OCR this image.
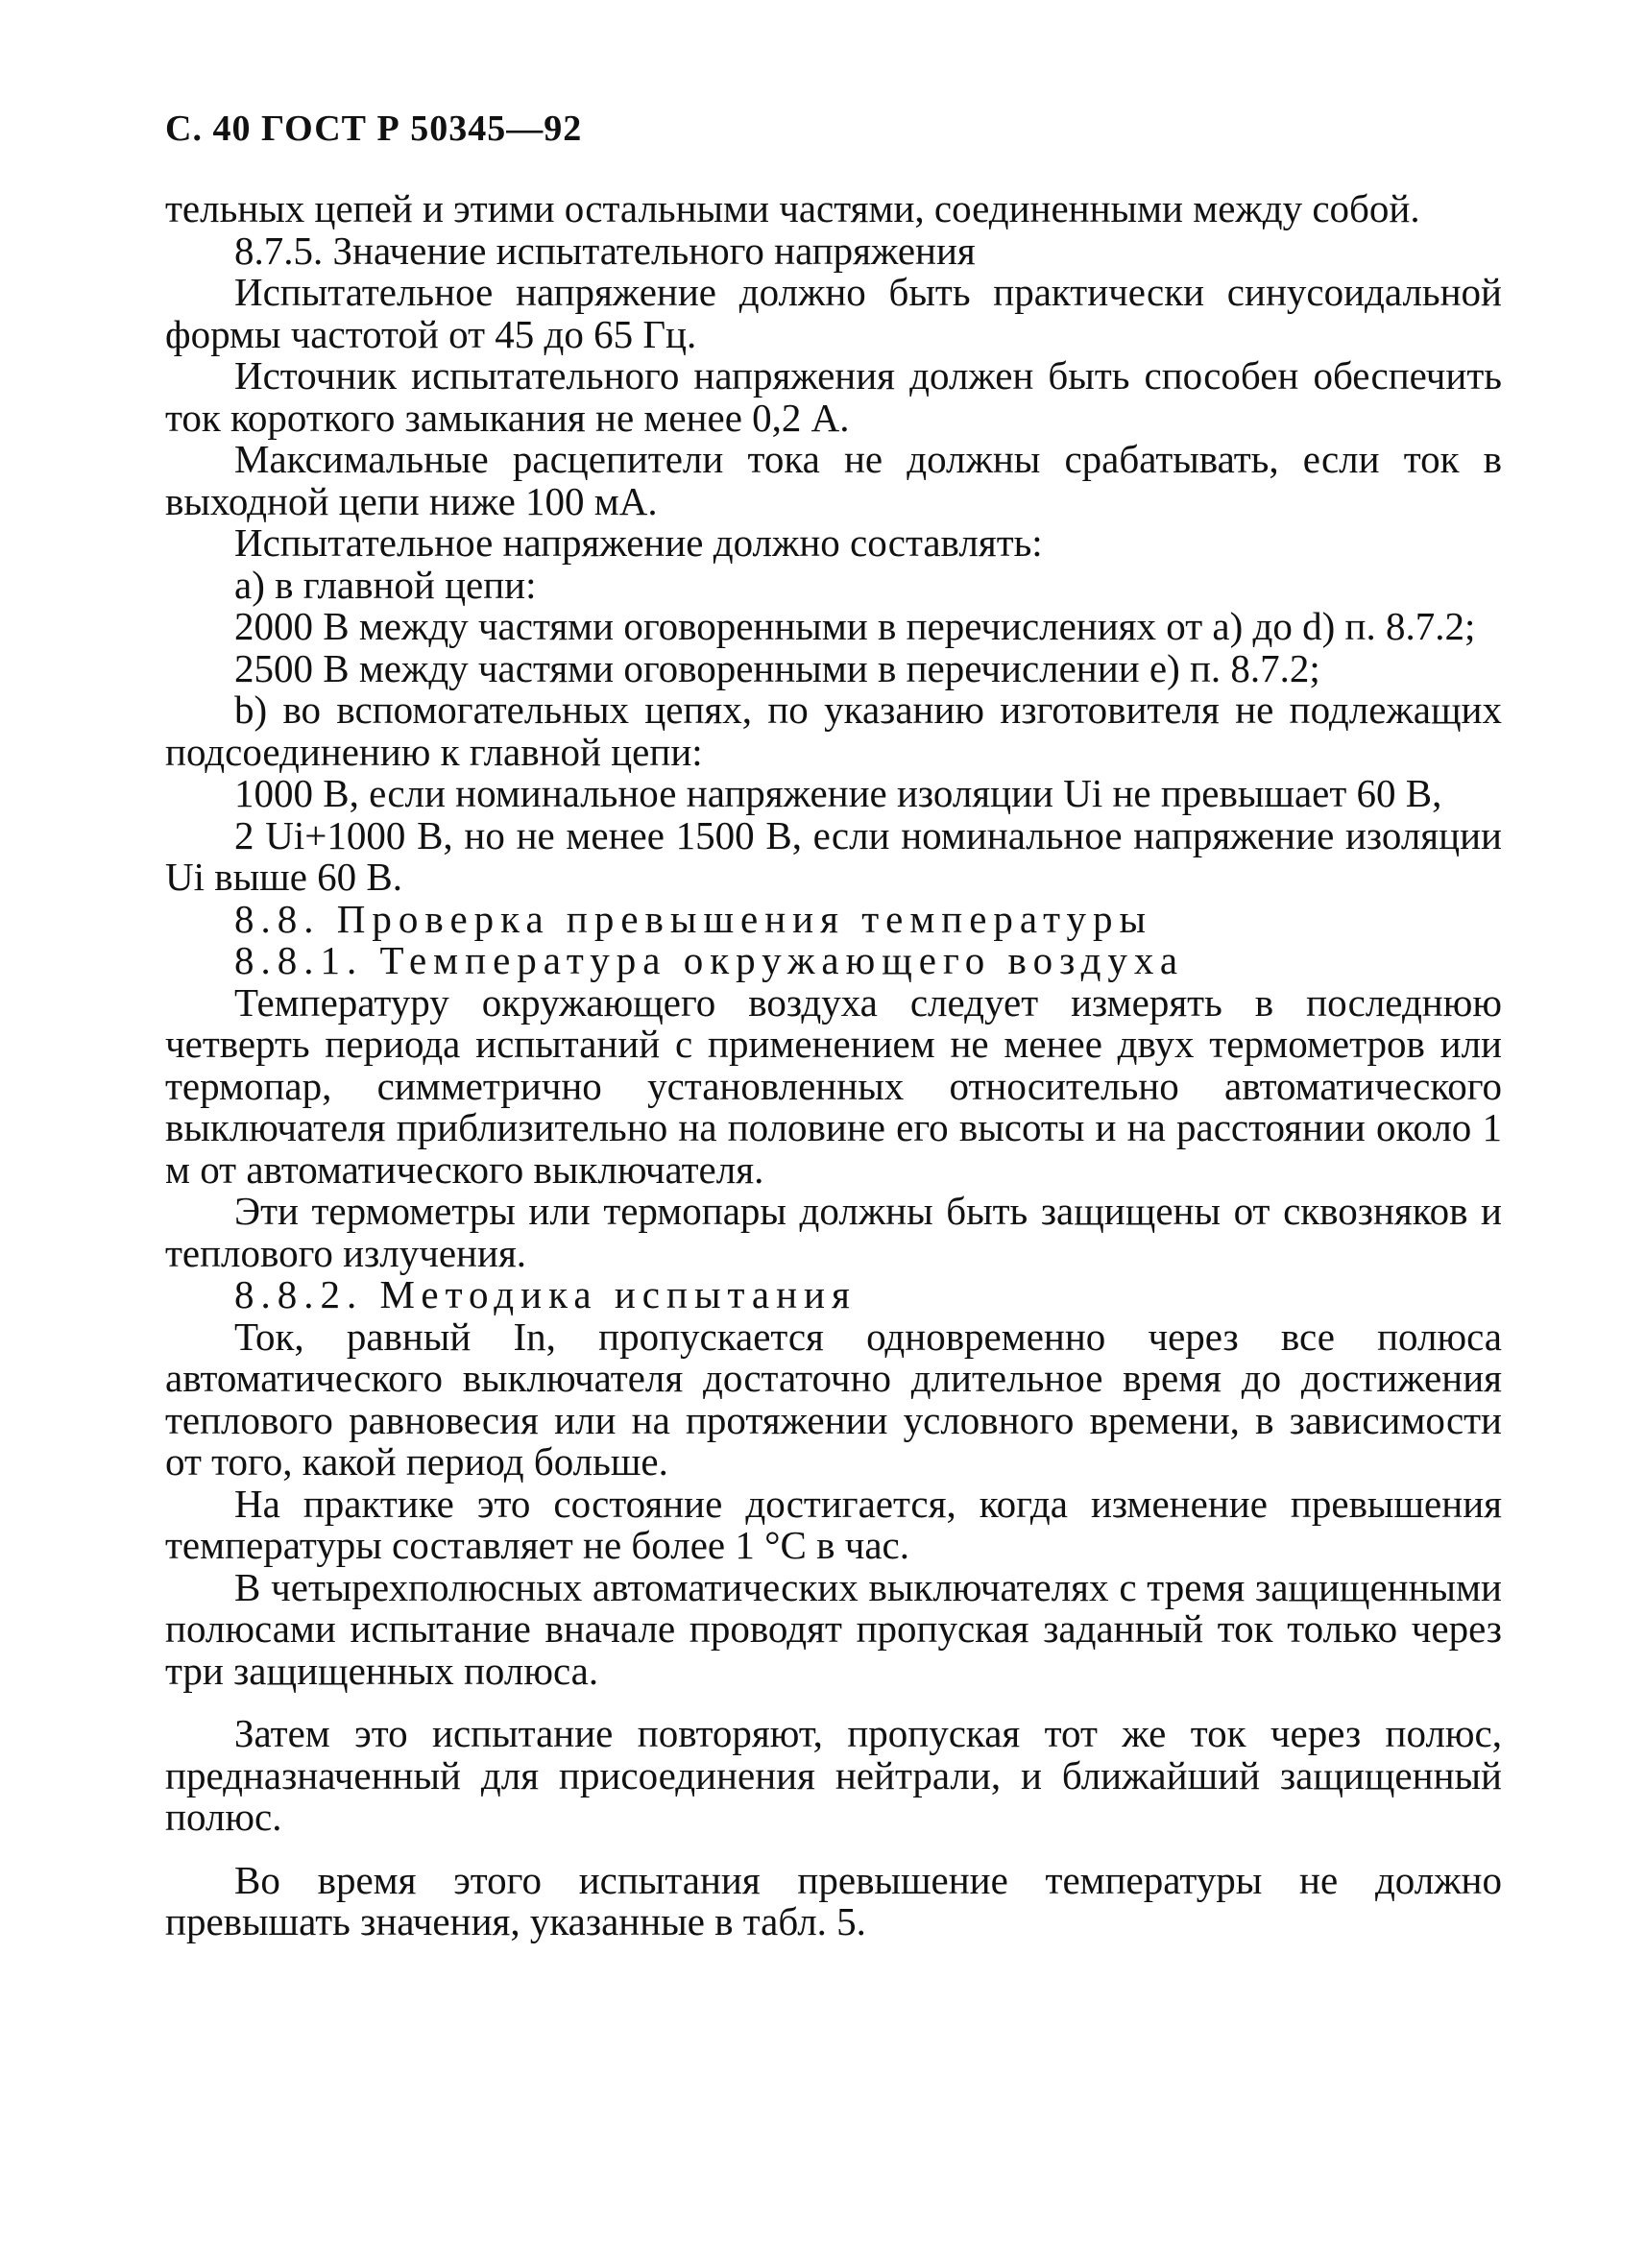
С. 40 ГОСТ Р 50345—92

тельных цепей и этими остальными частями, соединенными между собой.

8.7.5. Значение испытательного напряжения

Испытательное напряжение должно быть практически синусоидальной формы частотой от 45 до 65 Гц.

Источник испытательного напряжения должен быть способен обеспечить ток короткого замыкания не менее 0,2 А.

Максимальные расцепители тока не должны срабатывать, если ток в выходной цепи ниже 100 мА.

Испытательное напряжение должно составлять:

a) в главной цепи:

2000 В между частями оговоренными в перечислениях от a) до d) п. 8.7.2;

2500 В между частями оговоренными в перечислении e) п. 8.7.2;

b) во вспомогательных цепях, по указанию изготовителя не подлежащих подсоединению к главной цепи:

1000 В, если номинальное напряжение изоляции Ui не превышает 60 В,

2 Ui+1000 В, но не менее 1500 В, если номинальное напряжение изоляции Ui выше 60 В.

8.8. Проверка превышения температуры

8.8.1. Температура окружающего воздуха

Температуру окружающего воздуха следует измерять в последнюю четверть периода испытаний с применением не менее двух термометров или термопар, симметрично установленных относительно автоматического выключателя приблизительно на половине его высоты и на расстоянии около 1 м от автоматического выключателя.

Эти термометры или термопары должны быть защищены от сквозняков и теплового излучения.

8.8.2. Методика испытания

Ток, равный In, пропускается одновременно через все полюса автоматического выключателя достаточно длительное время до достижения теплового равновесия или на протяжении условного времени, в зависимости от того, какой период больше.

На практике это состояние достигается, когда изменение превышения температуры составляет не более 1 °С в час.

В четырехполюсных автоматических выключателях с тремя защищенными полюсами испытание вначале проводят пропуская заданный ток только через три защищенных полюса.

Затем это испытание повторяют, пропуская тот же ток через полюс, предназначенный для присоединения нейтрали, и ближайший защищенный полюс.

Во время этого испытания превышение температуры не должно превышать значения, указанные в табл. 5.
